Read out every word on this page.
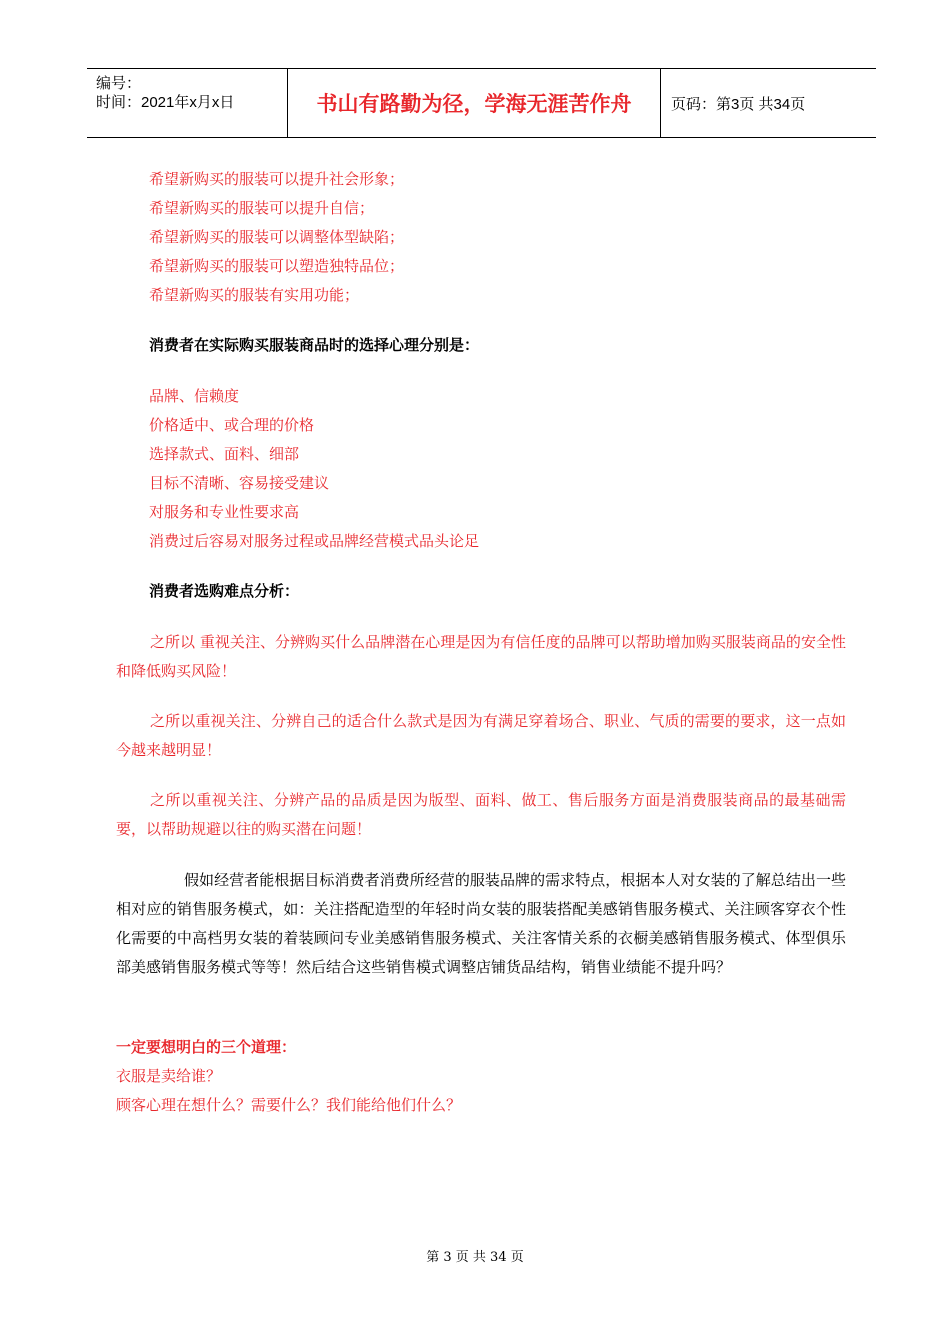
编号：
时间：2021年x月x日	书山有路勤为径，学海无涯苦作舟	页码：第3页 共34页
希望新购买的服装可以提升社会形象；
希望新购买的服装可以提升自信；
希望新购买的服装可以调整体型缺陷；
希望新购买的服装可以塑造独特品位；
希望新购买的服装有实用功能；
消费者在实际购买服装商品时的选择心理分别是：
品牌、信赖度
价格适中、或合理的价格
选择款式、面料、细部
目标不清晰、容易接受建议
对服务和专业性要求高
消费过后容易对服务过程或品牌经营模式品头论足
消费者选购难点分析：
之所以 重视关注、分辨购买什么品牌潜在心理是因为有信任度的品牌可以帮助增加购买服装商品的安全性和降低购买风险！
之所以重视关注、分辨自己的适合什么款式是因为有满足穿着场合、职业、气质的需要的要求，这一点如今越来越明显！
之所以重视关注、分辨产品的品质是因为版型、面料、做工、售后服务方面是消费服装商品的最基础需要，以帮助规避以往的购买潜在问题！
假如经营者能根据目标消费者消费所经营的服装品牌的需求特点，根据本人对女装的了解总结出一些相对应的销售服务模式，如：关注搭配造型的年轻时尚女装的服装搭配美感销售服务模式、关注顾客穿衣个性化需要的中高档男女装的着装顾问专业美感销售服务模式、关注客情关系的衣橱美感销售服务模式、体型俱乐部美感销售服务模式等等！然后结合这些销售模式调整店铺货品结构，销售业绩能不提升吗？
一定要想明白的三个道理：
衣服是卖给谁？
顾客心理在想什么？需要什么？我们能给他们什么？
第 3 页 共 34 页
